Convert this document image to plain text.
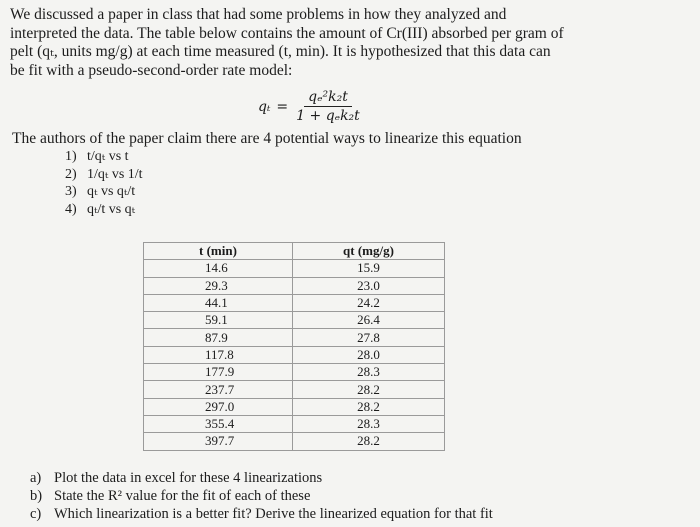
We discussed a paper in class that had some problems in how they analyzed and
interpreted the data. The table below contains the amount of Cr(III) absorbed per gram of
pelt (qₜ, units mg/g) at each time measured (t, min). It is hypothesized that this data can
be fit with a pseudo-second-order rate model:
$q_t = \frac{\text{qₑ²k₂t}}{\text{1 + qₑk₂t}}$
The authors of the paper claim there are 4 potential ways to linearize this equation
1) t/qₜ vs t
2) 1/qₜ vs 1/t
3) qₜ vs qₜ/t
4) qₜ/t vs qₜ
t (min)	qt (mg/g)
14.6	15.9
29.3	23.0
44.1	24.2
59.1	26.4
87.9	27.8
117.8	28.0
177.9	28.3
237.7	28.2
297.0	28.2
355.4	28.3
397.7	28.2
a) Plot the data in excel for these 4 linearizations
b) State the R² value for the fit of each of these
c) Which linearization is a better fit? Derive the linearized equation for that fit
